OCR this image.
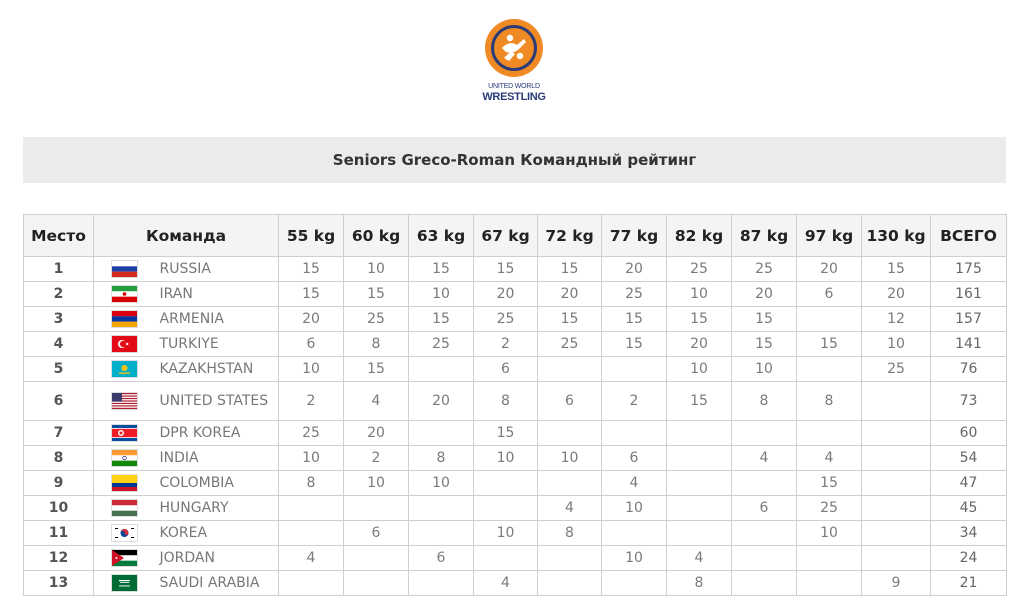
UNITED WORLD
WRESTLING
Seniors Greco-Roman Командный рейтинг
Место	Команда		55 kg	60 kg	63 kg	67 kg	72 kg	77 kg	82 kg	87 kg	97 kg	130 kg	ВСЕГО
1		RUSSIA	15	10	15	15	15	20	25	25	20	15	175
2		IRAN	15	15	10	20	20	25	10	20	6	20	161
3		ARMENIA	20	25	15	25	15	15	15	15		12	157
4		TURKIYE	6	8	25	2	25	15	20	15	15	10	141
5		KAZAKHSTAN	10	15		6			10	10		25	76
6		UNITED STATES	2	4	20	8	6	2	15	8	8		73
7		DPR KOREA	25	20		15							60
8		INDIA	10	2	8	10	10	6		4	4		54
9		COLOMBIA	8	10	10			4			15		47
10		HUNGARY					4	10		6	25		45
11		KOREA		6		10	8				10		34
12		JORDAN	4		6			10	4				24
13		SAUDI ARABIA				4			8			9	21
